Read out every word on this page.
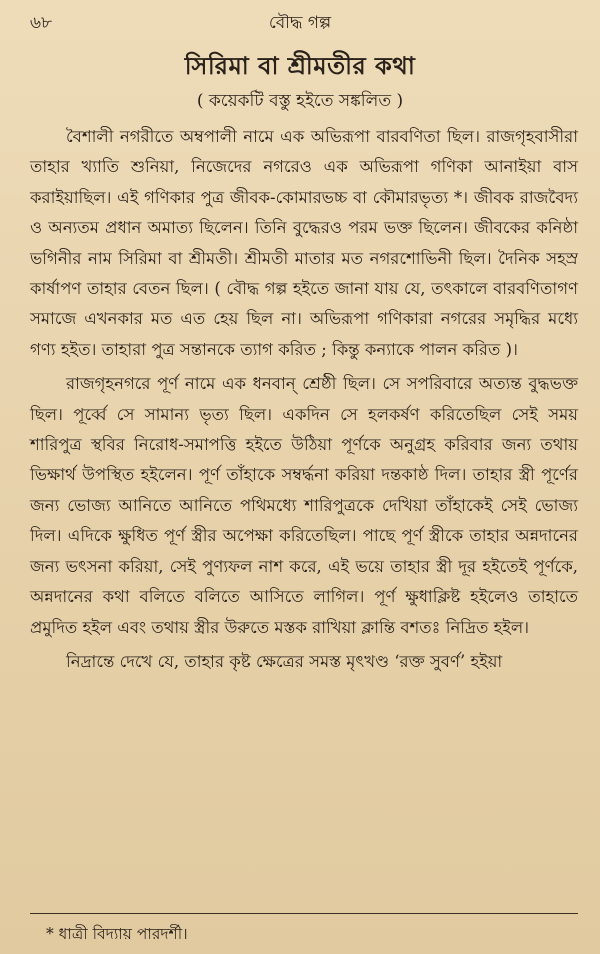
৬৮	বৌদ্ধ গল্প
সিরিমা বা শ্রীমতীর কথা
( কয়েকটি বস্তু হইতে সঙ্কলিত )

বৈশালী নগরীতে অম্বপালী নামে এক অভিরূপা বারবণিতা ছিল। রাজগৃহবাসীরা তাহার খ্যাতি শুনিয়া, নিজেদের নগরেও এক অভিরূপা গণিকা আনাইয়া বাস করাইয়াছিল। এই গণিকার পুত্র জীবক-কোমারভচ্চ বা কৌমারভৃত্য *। জীবক রাজবৈদ্য ও অন্যতম প্রধান অমাত্য ছিলেন। তিনি বুদ্ধেরও পরম ভক্ত ছিলেন। জীবকের কনিষ্ঠা ভগিনীর নাম সিরিমা বা শ্রীমতী। শ্রীমতী মাতার মত নগরশোভিনী ছিল। দৈনিক সহস্র কার্ষাপণ তাহার বেতন ছিল। ( বৌদ্ধ গল্প হইতে জানা যায় যে, তৎকালে বারবণিতাগণ সমাজে এখনকার মত এত হেয় ছিল না। অভিরূপা গণিকারা নগরের সমৃদ্ধির মধ্যে গণ্য হইত। তাহারা পুত্র সন্তানকে ত্যাগ করিত ; কিন্তু কন্যাকে পালন করিত )।

রাজগৃহনগরে পূর্ণ নামে এক ধনবান্ শ্রেষ্ঠী ছিল। সে সপরিবারে অত্যন্ত বুদ্ধভক্ত ছিল। পূর্ব্বে সে সামান্য ভৃত্য ছিল। একদিন সে হলকর্ষণ করিতেছিল সেই সময় শারিপুত্র স্থবির নিরোধ-সমাপত্তি হইতে উঠিয়া পূর্ণকে অনুগ্রহ করিবার জন্য তথায় ভিক্ষার্থ উপস্থিত হইলেন। পূর্ণ তাঁহাকে সম্বর্দ্ধনা করিয়া দন্তকাষ্ঠ দিল। তাহার স্ত্রী পূর্ণের জন্য ভোজ্য আনিতে আনিতে পথিমধ্যে শারিপুত্রকে দেখিয়া তাঁহাকেই সেই ভোজ্য দিল। এদিকে ক্ষুধিত পূর্ণ স্ত্রীর অপেক্ষা করিতেছিল। পাছে পূর্ণ স্ত্রীকে তাহার অন্নদানের জন্য ভৎসনা করিয়া, সেই পুণ্যফল নাশ করে, এই ভয়ে তাহার স্ত্রী দূর হইতেই পূর্ণকে, অন্নদানের কথা বলিতে বলিতে আসিতে লাগিল। পূর্ণ ক্ষুধাক্লিষ্ট হইলেও তাহাতে প্রমুদিত হইল এবং তথায় স্ত্রীর উরুতে মস্তক রাখিয়া ক্লান্তি বশতঃ নিদ্রিত হইল।

নিদ্রান্তে দেখে যে, তাহার কৃষ্ট ক্ষেত্রের সমস্ত মৃৎখণ্ড ‘রক্ত সুবর্ণ’ হইয়া

* ধাত্রী বিদ্যায় পারদর্শী।
